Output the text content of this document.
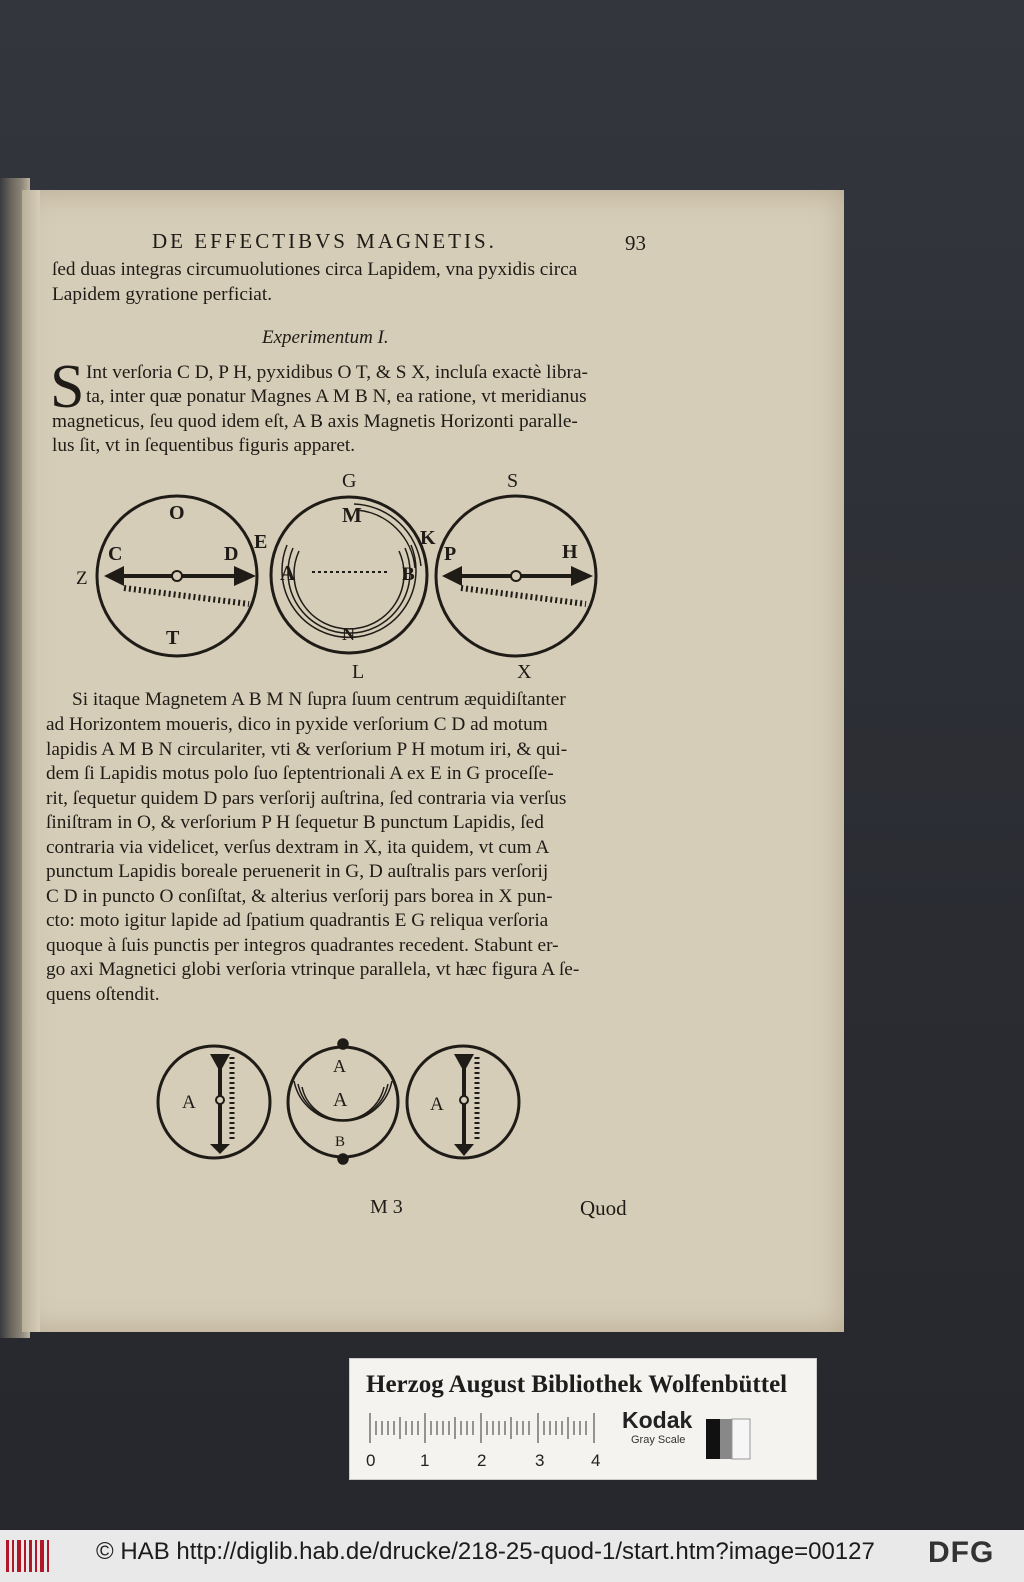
DE EFFECTIBVS MAGNETIS.	93
ſed duas integras circumuolutiones circa Lapidem, vna pyxidis circa
Lapidem gyratione perficiat.
Experimentum I.
S Int verſoria C D, P H, pyxidibus O T, & S X, incluſa exactè libra-
ta, inter quæ ponatur Magnes A M B N, ea ratione, vt meridianus
magneticus, ſeu quod idem eſt, A B axis Magnetis Horizonti paralle-
lus ſit, vt in ſequentibus figuris apparet.
G	S
O	M
E	K
C	D	P	H
Z	A	B
T	N
L	X
Si itaque Magnetem A B M N ſupra ſuum centrum æquidiſtanter
ad Horizontem moueris, dico in pyxide verſorium C D ad motum
lapidis A M B N circulariter, vti & verſorium P H motum iri, & qui-
dem ſi Lapidis motus polo ſuo ſeptentrionali A ex E in G proceſſe-
rit, ſequetur quidem D pars verſorij auſtrina, ſed contraria via verſus
ſiniſtram in O, & verſorium P H ſequetur B punctum Lapidis, ſed
contraria via videlicet, verſus dextram in X, ita quidem, vt cum A
punctum Lapidis boreale peruenerit in G, D auſtralis pars verſorij
C D in puncto O conſiſtat, & alterius verſorij pars borea in X pun-
cto: moto igitur lapide ad ſpatium quadrantis E G reliqua verſoria
quoque à ſuis punctis per integros quadrantes recedent. Stabunt er-
go axi Magnetici globi verſoria vtrinque parallela, vt hæc figura A ſe-
quens oſtendit.
A
A
A
B
A
M 3	Quod
Herzog August Bibliothek Wolfenbüttel
0	1	2	3	4
Kodak
Gray Scale
© HAB http://diglib.hab.de/drucke/218-25-quod-1/start.htm?image=00127 DFG
